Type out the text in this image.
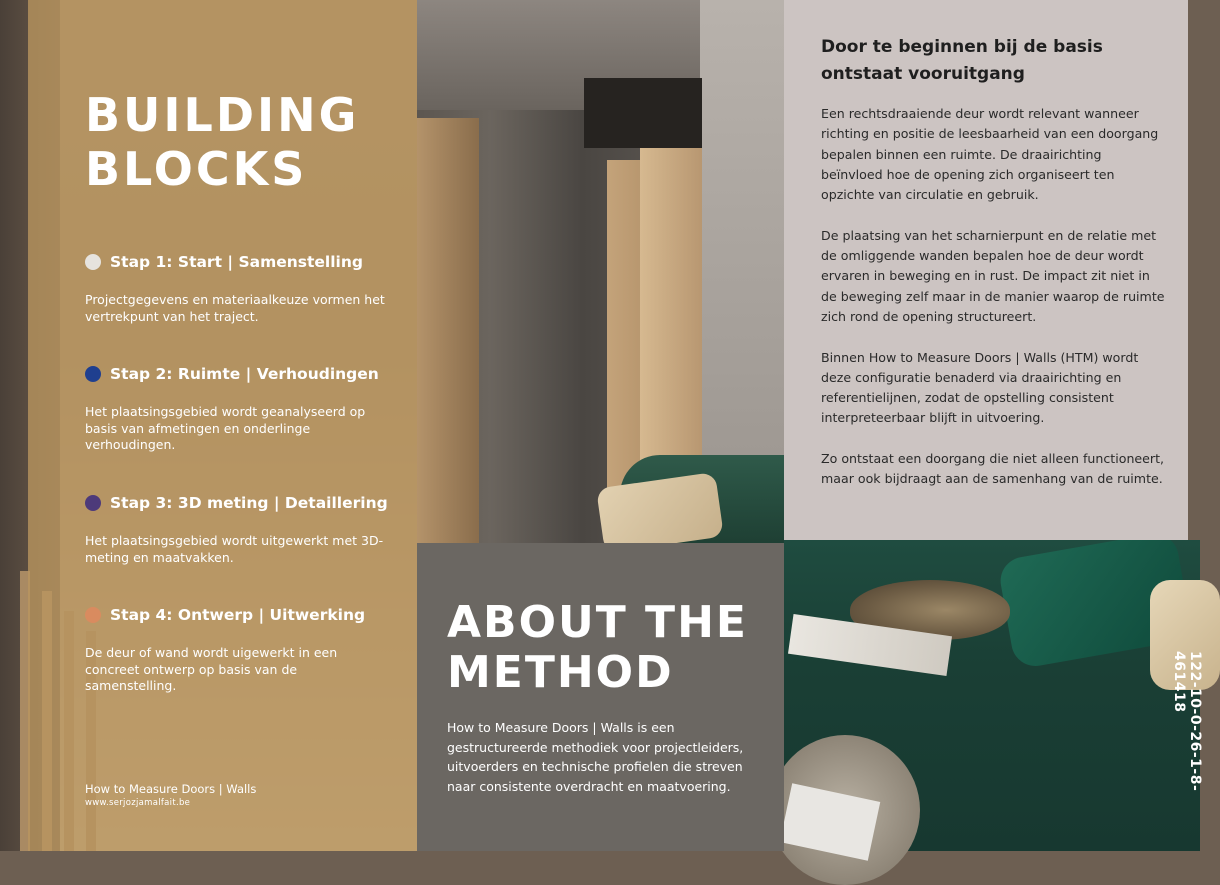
BUILDING
BLOCKS
Stap 1: Start | Samenstelling
Projectgegevens en materiaalkeuze vormen het vertrekpunt van het traject.
Stap 2: Ruimte | Verhoudingen
Het plaatsingsgebied wordt geanalyseerd op basis van afmetingen en onderlinge verhoudingen.
Stap 3: 3D meting | Detaillering
Het plaatsingsgebied wordt uitgewerkt met 3D-meting en maatvakken.
Stap 4: Ontwerp | Uitwerking
De deur of wand wordt uigewerkt in een concreet ontwerp op basis van de samenstelling.
How to Measure Doors | Walls
www.serjozjamalfait.be
ABOUT THE
METHOD
How to Measure Doors | Walls is een gestructureerde methodiek voor projectleiders, uitvoerders en technische profielen die streven naar consistente overdracht en maatvoering.
Door te beginnen bij de basis
ontstaat vooruitgang

Een rechtsdraaiende deur wordt relevant wanneer richting en positie de leesbaarheid van een doorgang bepalen binnen een ruimte. De draairichting beïnvloed hoe de opening zich organiseert ten opzichte van circulatie en gebruik.

De plaatsing van het scharnierpunt en de relatie met de omliggende wanden bepalen hoe de deur wordt ervaren in beweging en in rust. De impact zit niet in de beweging zelf maar in de manier waarop de ruimte zich rond de opening structureert.

Binnen How to Measure Doors | Walls (HTM) wordt deze configuratie benaderd via draairichting en referentielijnen, zodat de opstelling consistent interpreteerbaar blijft in uitvoering.

Zo ontstaat een doorgang die niet alleen functioneert, maar ook bijdraagt aan de samenhang van de ruimte.

122-10-0-26-1-8-461418
